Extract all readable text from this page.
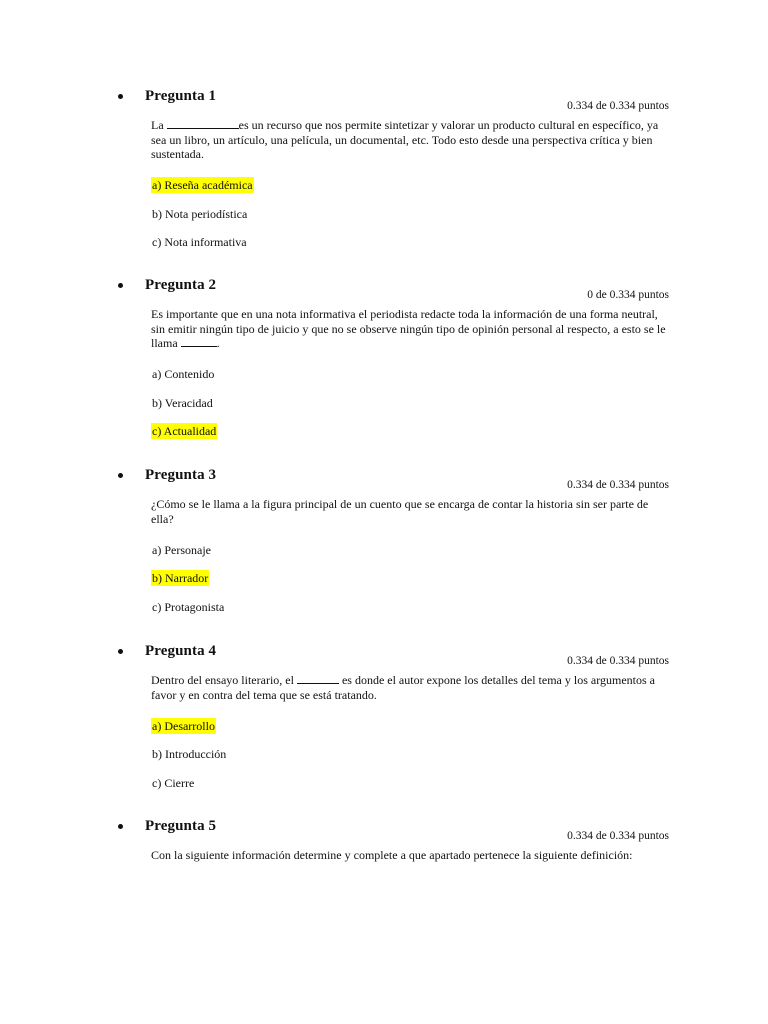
Pregunta 1
0.334 de 0.334 puntos

La	es un recurso que nos permite sintetizar y valorar un producto cultural en específico, ya sea un libro, un artículo, una película, un documental, etc. Todo esto desde una perspectiva crítica y bien sustentada.

a) Reseña académica

b) Nota periodística

c) Nota informativa

Pregunta 2
0 de 0.334 puntos

Es importante que en una nota informativa el periodista redacte toda la información de una forma neutral, sin emitir ningún tipo de juicio y que no se observe ningún tipo de opinión personal al respecto, a esto se le llama	.

a) Contenido

b) Veracidad

c) Actualidad

Pregunta 3
0.334 de 0.334 puntos

¿Cómo se le llama a la figura principal de un cuento que se encarga de contar la historia sin ser parte de ella?

a) Personaje

b) Narrador

c) Protagonista

Pregunta 4
0.334 de 0.334 puntos

Dentro del ensayo literario, el	es donde el autor expone los detalles del tema y los argumentos a favor y en contra del tema que se está tratando.

a) Desarrollo

b) Introducción

c) Cierre

Pregunta 5
0.334 de 0.334 puntos

Con la siguiente información determine y complete a que apartado pertenece la siguiente definición:
